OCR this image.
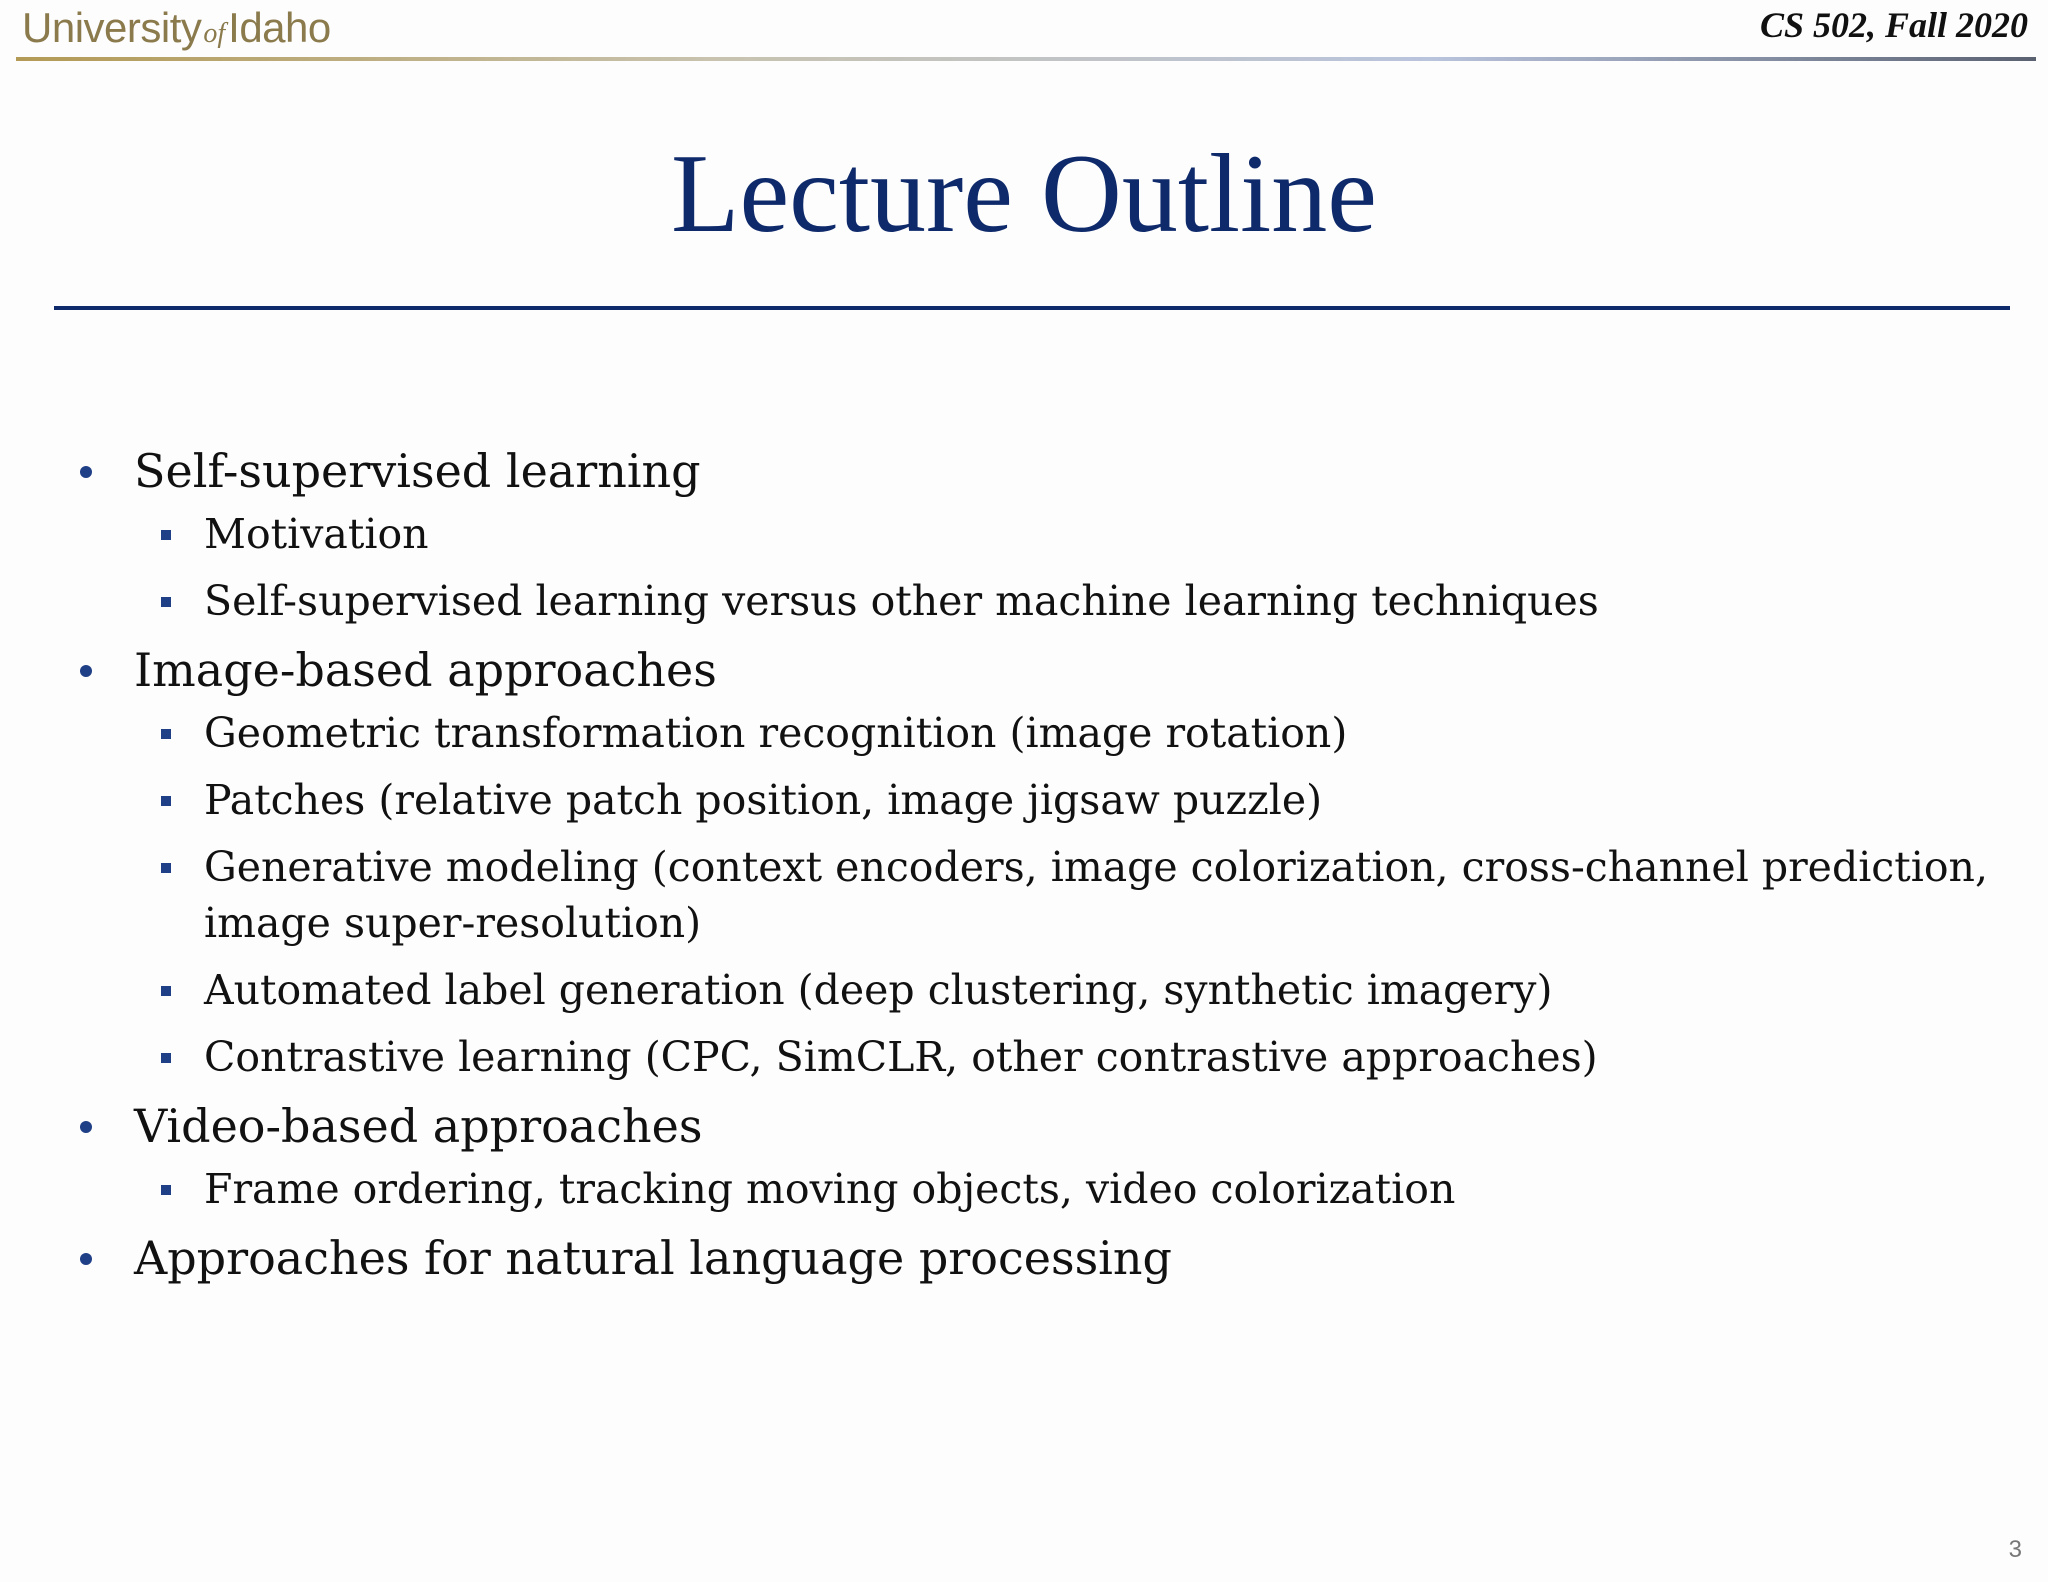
University of Idaho	CS 502, Fall 2020
Lecture Outline
Self-supervised learning
Motivation
Self-supervised learning versus other machine learning techniques
Image-based approaches
Geometric transformation recognition (image rotation)
Patches (relative patch position, image jigsaw puzzle)
Generative modeling (context encoders, image colorization, cross-channel prediction, image super-resolution)
Automated label generation (deep clustering, synthetic imagery)
Contrastive learning (CPC, SimCLR, other contrastive approaches)
Video-based approaches
Frame ordering, tracking moving objects, video colorization
Approaches for natural language processing
3
